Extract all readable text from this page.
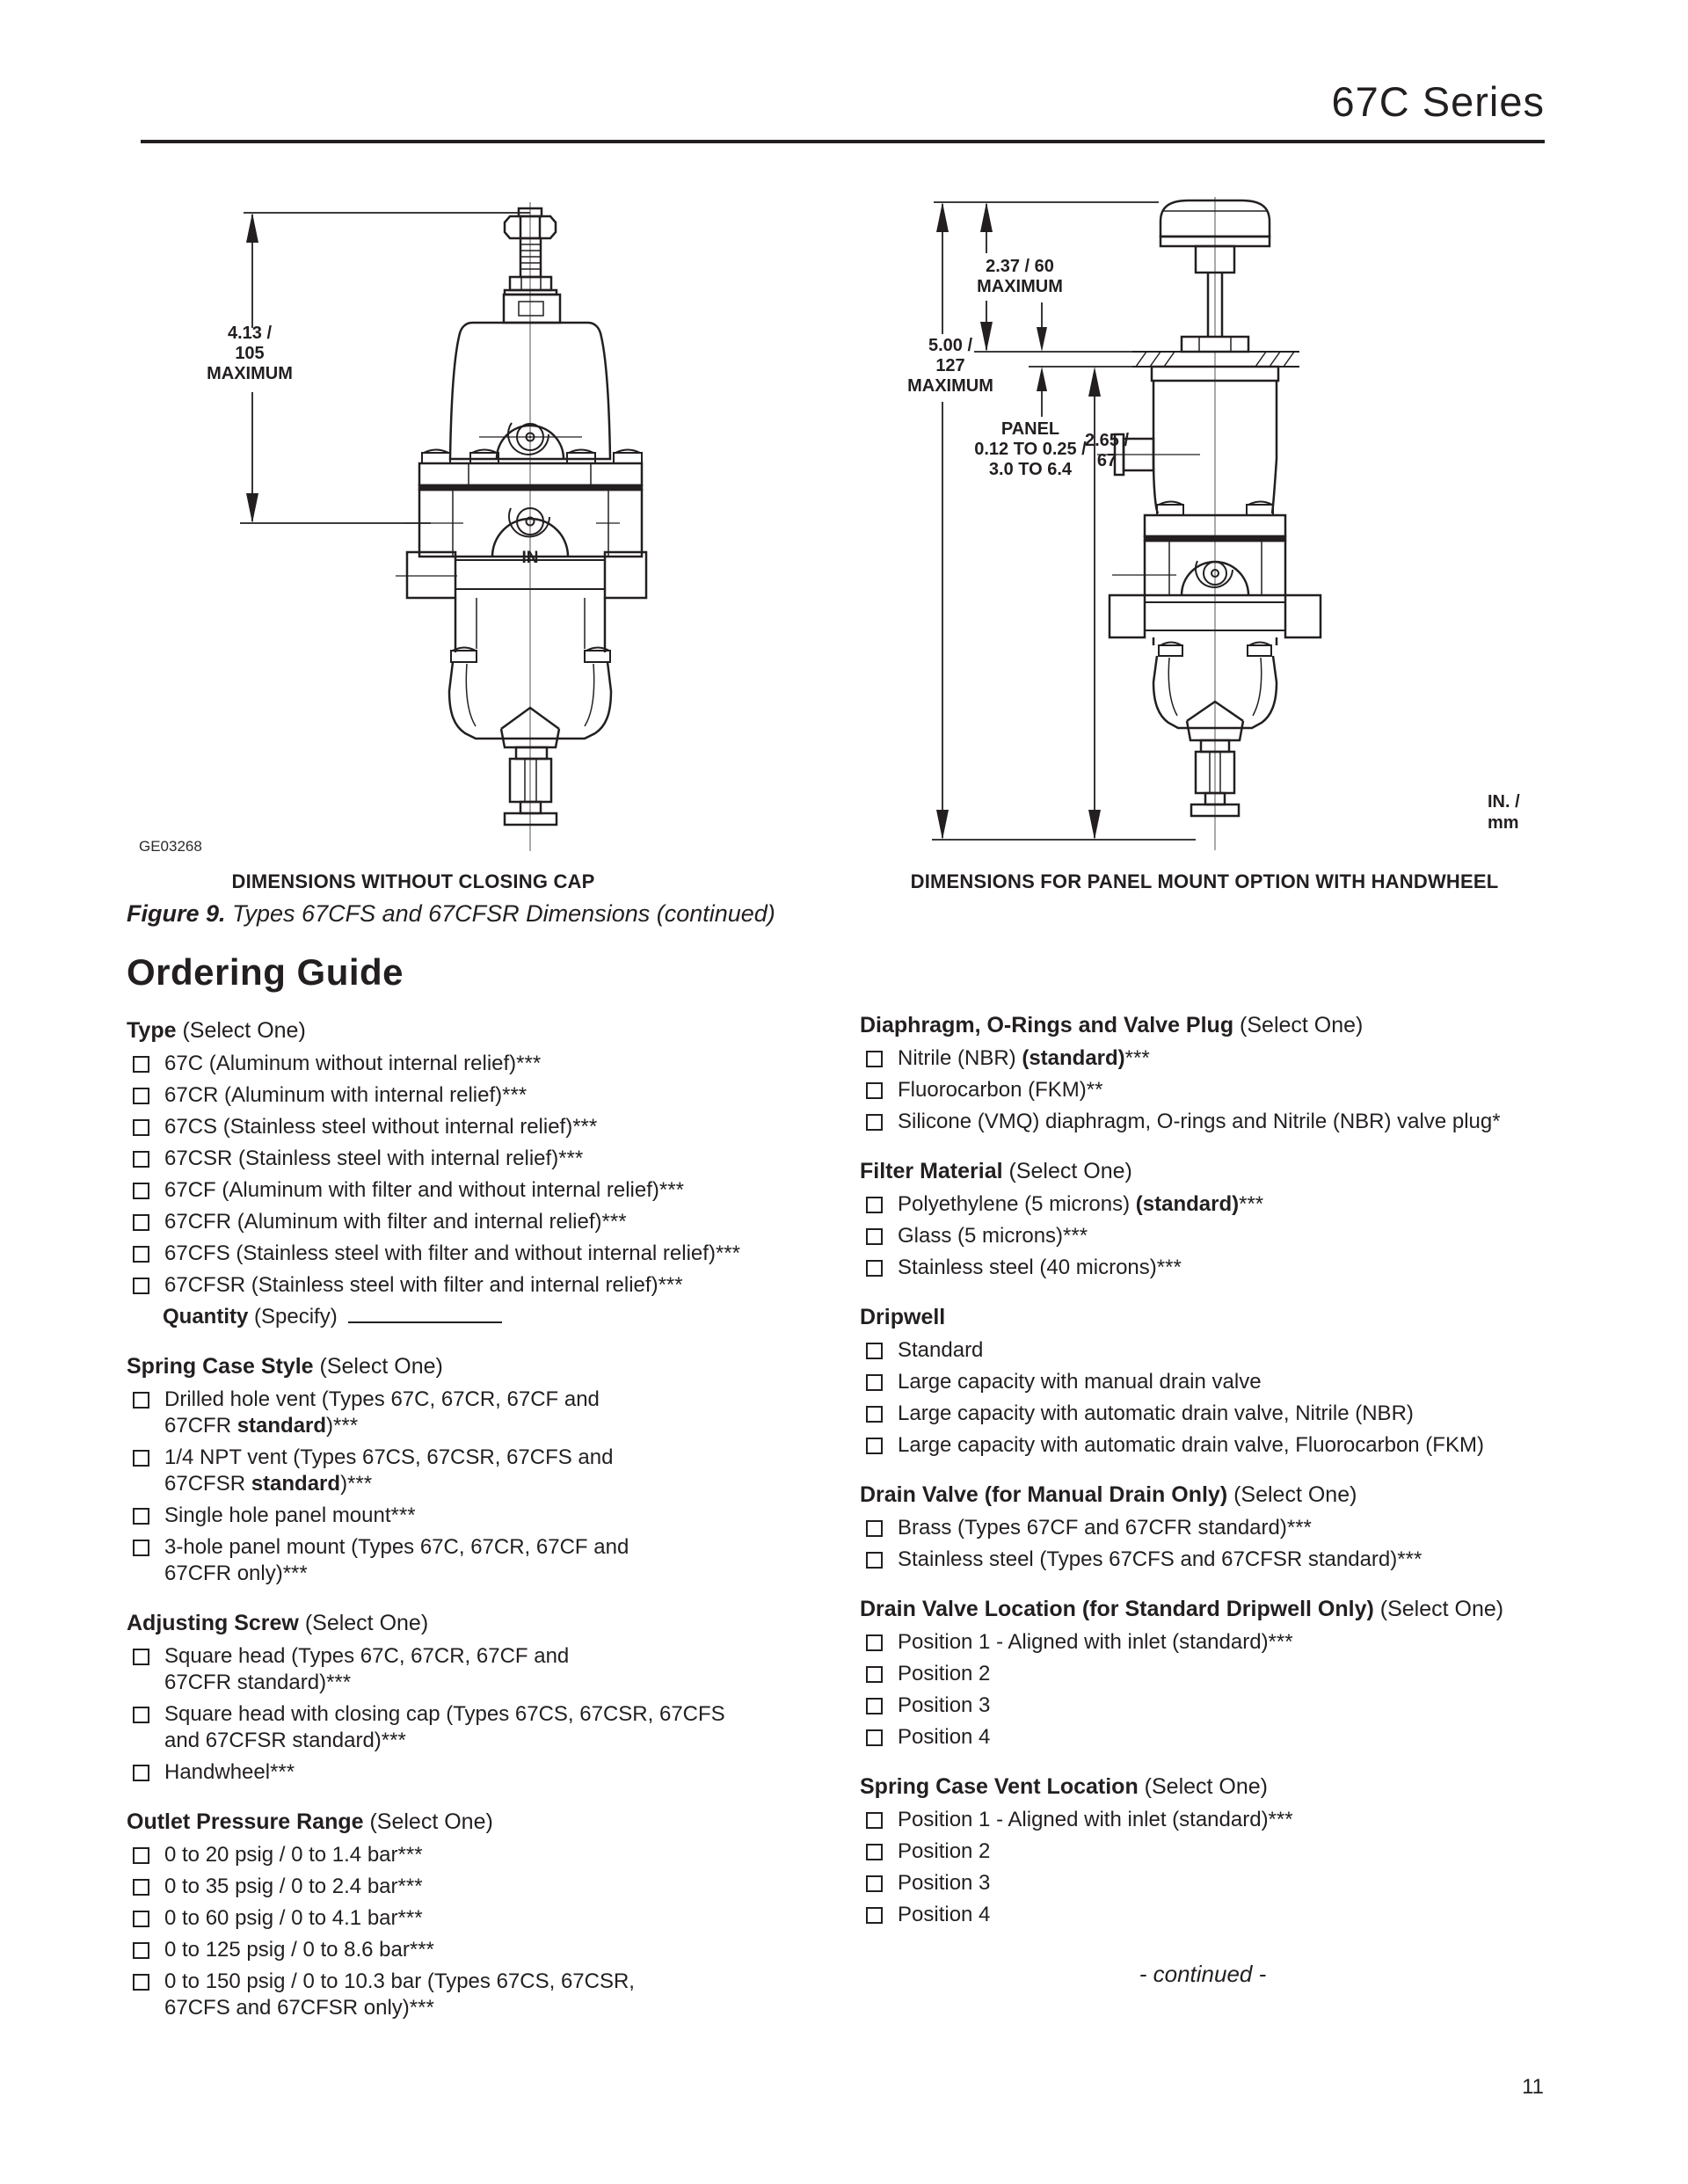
67C Series
IN
4.13 /
105
MAXIMUM
2.37 / 60
MAXIMUM
5.00 /
127
MAXIMUM
PANEL
0.12 TO 0.25 /
3.0 TO 6.4
2.65 /
67
GE03268
IN. /
mm
DIMENSIONS WITHOUT CLOSING CAP	DIMENSIONS FOR PANEL MOUNT OPTION WITH HANDWHEEL
Figure 9. Types 67CFS and 67CFSR Dimensions (continued)
Ordering Guide
Type (Select One)
67C (Aluminum without internal relief)***
67CR (Aluminum with internal relief)***
67CS (Stainless steel without internal relief)***
67CSR (Stainless steel with internal relief)***
67CF (Aluminum with filter and without internal relief)***
67CFR (Aluminum with filter and internal relief)***
67CFS (Stainless steel with filter and without internal relief)***
67CFSR (Stainless steel with filter and internal relief)***
Quantity (Specify)
Spring Case Style (Select One)
Drilled hole vent (Types 67C, 67CR, 67CF and
67CFR standard)***
1/4 NPT vent (Types 67CS, 67CSR, 67CFS and
67CFSR standard)***
Single hole panel mount***
3-hole panel mount (Types 67C, 67CR, 67CF and
67CFR only)***
Adjusting Screw (Select One)
Square head (Types 67C, 67CR, 67CF and
67CFR standard)***
Square head with closing cap (Types 67CS, 67CSR, 67CFS
and 67CFSR standard)***
Handwheel***
Outlet Pressure Range (Select One)
0 to 20 psig / 0 to 1.4 bar***
0 to 35 psig / 0 to 2.4 bar***
0 to 60 psig / 0 to 4.1 bar***
0 to 125 psig / 0 to 8.6 bar***
0 to 150 psig / 0 to 10.3 bar (Types 67CS, 67CSR,
67CFS and 67CFSR only)***
Diaphragm, O-Rings and Valve Plug (Select One)
Nitrile (NBR) (standard)***
Fluorocarbon (FKM)**
Silicone (VMQ) diaphragm, O-rings and Nitrile (NBR) valve plug*
Filter Material (Select One)
Polyethylene (5 microns) (standard)***
Glass (5 microns)***
Stainless steel (40 microns)***
Dripwell
Standard
Large capacity with manual drain valve
Large capacity with automatic drain valve, Nitrile (NBR)
Large capacity with automatic drain valve, Fluorocarbon (FKM)
Drain Valve (for Manual Drain Only) (Select One)
Brass (Types 67CF and 67CFR standard)***
Stainless steel (Types 67CFS and 67CFSR standard)***
Drain Valve Location (for Standard Dripwell Only) (Select One)
Position 1 - Aligned with inlet (standard)***
Position 2
Position 3
Position 4
Spring Case Vent Location (Select One)
Position 1 - Aligned with inlet (standard)***
Position 2
Position 3
Position 4
- continued -
11
